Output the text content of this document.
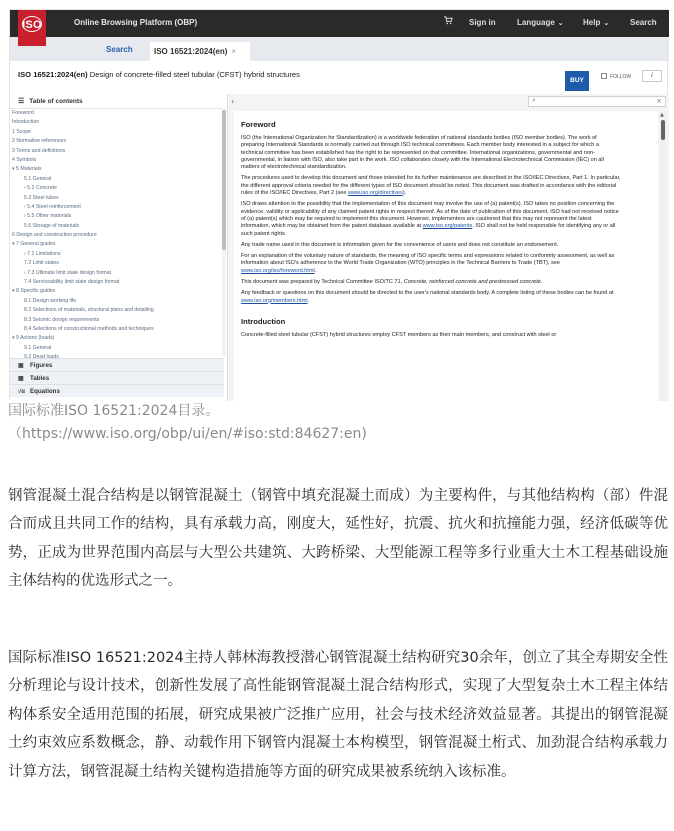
ISO	Online Browsing Platform (OBP)	Sign in	Language ⌄ Help ⌄	Search
Search	ISO 16521:2024(en) ×
ISO 16521:2024(en) Design of concrete-filled steel tubular (CFST) hybrid structures
BUY	FOLLOW	i
☰ Table of contents
Foreword
Introduction
1 Scope
2 Normative references
3 Terms and definitions
4 Symbols
▾ 5 Materials
5.1 General
› 5.2 Concrete
5.3 Steel tubes
› 5.4 Steel reinforcement
› 5.5 Other materials
5.6 Storage of materials
6 Design and construction procedure
▾ 7 General guides
› 7.1 Limitations
7.2 Limit states
› 7.3 Ultimate limit state design format
7.4 Serviceability limit state design format
▾ 8 Specific guides
8.1 Design working life
8.2 Selections of materials, structural plans and detailing
8.3 Seismic design requirements
8.4 Selections of constructional methods and techniques
▾ 9 Actions (loads)
9.1 General
▣ Figures
▦ Tables
√α Equations
‹	⌕	×
▲
Foreword

ISO (the International Organization for Standardization) is a worldwide federation of national standards bodies (ISO member bodies). The work of preparing International Standards is normally carried out through ISO technical committees. Each member body interested in a subject for which a technical committee has been established has the right to be represented on that committee. International organizations, governmental and non-governmental, in liaison with ISO, also take part in the work. ISO collaborates closely with the International Electrotechnical Commission (IEC) on all matters of electrotechnical standardization.

The procedures used to develop this document and those intended for its further maintenance are described in the ISO/IEC Directives, Part 1. In particular, the different approval criteria needed for the different types of ISO document should be noted. This document was drafted in accordance with the editorial rules of the ISO/IEC Directives, Part 2 (see www.iso.org/directives).

ISO draws attention to the possibility that the implementation of this document may involve the use of (a) patent(s). ISO takes no position concerning the evidence, validity or applicability of any claimed patent rights in respect thereof. As of the date of publication of this document, ISO had not received notice of (a) patent(s) which may be required to implement this document. However, implementers are cautioned that this may not represent the latest information, which may be obtained from the patent database available at www.iso.org/patents. ISO shall not be held responsible for identifying any or all such patent rights.

Any trade name used in this document is information given for the convenience of users and does not constitute an endorsement.

For an explanation of the voluntary nature of standards, the meaning of ISO specific terms and expressions related to conformity assessment, as well as information about ISO's adherence to the World Trade Organization (WTO) principles in the Technical Barriers to Trade (TBT), see www.iso.org/iso/foreword.html.

This document was prepared by Technical Committee ISO/TC 71, Concrete, reinforced concrete and prestressed concrete.

Any feedback or questions on this document should be directed to the user's national standards body. A complete listing of these bodies can be found at www.iso.org/members.html.

Introduction

Concrete-filled steel tubular (CFST) hybrid structures employ CFST members as their main members, and construct with steel or

国际标准ISO 16521:2024目录。
（https://www.iso.org/obp/ui/en/#iso:std:84627:en)

钢管混凝土混合结构是以钢管混凝土（钢管中填充混凝土而成）为主要构件，与其他结构构（部）件混合而成且共同工作的结构，具有承载力高，刚度大，延性好，抗震、抗火和抗撞能力强，经济低碳等优势，正成为世界范围内高层与大型公共建筑、大跨桥梁、大型能源工程等多行业重大土木工程基础设施主体结构的优选形式之一。

国际标准ISO 16521:2024主持人韩林海教授潜心钢管混凝土结构研究30余年，创立了其全寿期安全性分析理论与设计技术，创新性发展了高性能钢管混凝土混合结构形式，实现了大型复杂土木工程主体结构体系安全适用范围的拓展，研究成果被广泛推广应用，社会与技术经济效益显著。其提出的钢管混凝土约束效应系数概念，静、动载作用下钢管内混凝土本构模型，钢管混凝土桁式、加劲混合结构承载力计算方法，钢管混凝土结构关键构造措施等方面的研究成果被系统纳入该标准。
